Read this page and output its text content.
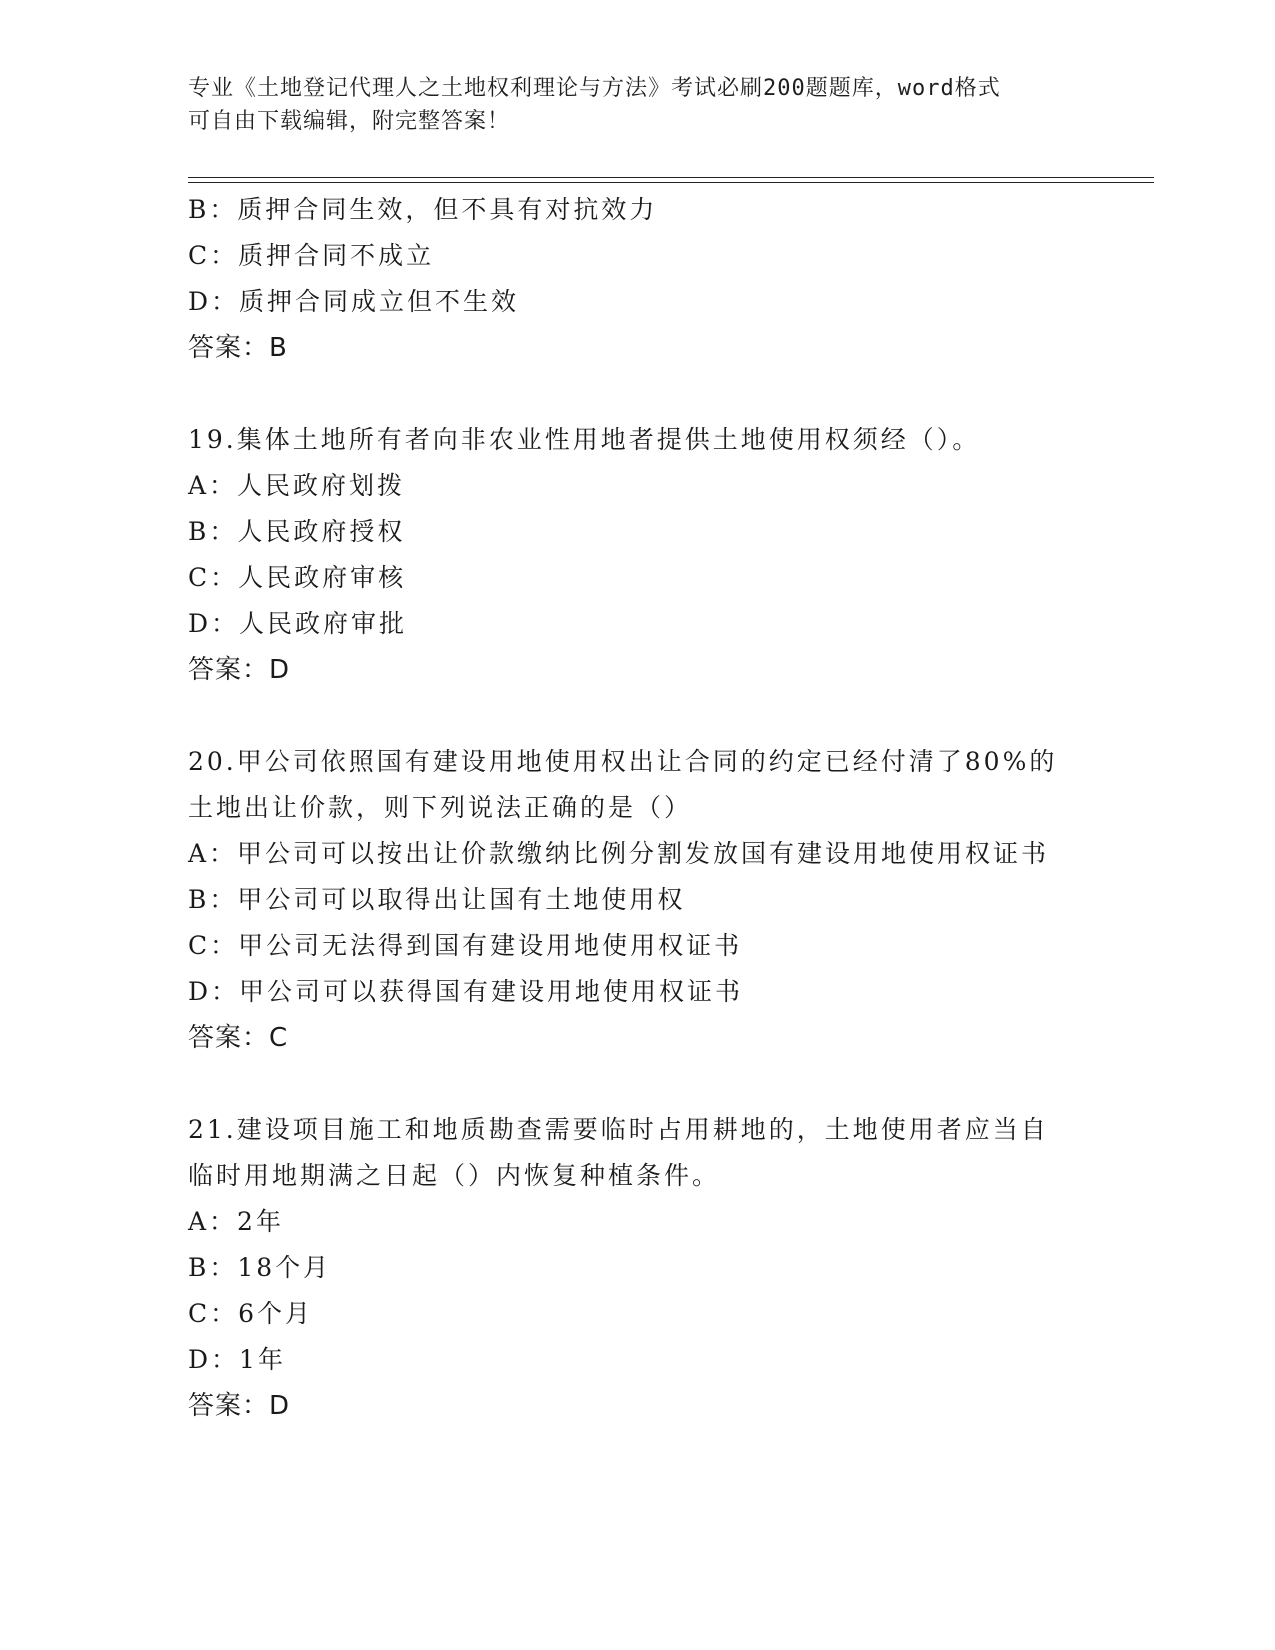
专业《土地登记代理人之土地权利理论与方法》考试必刷200题题库，word格式
可自由下载编辑，附完整答案！
B：质押合同生效，但不具有对抗效力
C：质押合同不成立
D：质押合同成立但不生效
答案：B
19.集体土地所有者向非农业性用地者提供土地使用权须经（）。
A：人民政府划拨
B：人民政府授权
C：人民政府审核
D：人民政府审批
答案：D
20.甲公司依照国有建设用地使用权出让合同的约定已经付清了80%的
土地出让价款，则下列说法正确的是（）
A：甲公司可以按出让价款缴纳比例分割发放国有建设用地使用权证书
B：甲公司可以取得出让国有土地使用权
C：甲公司无法得到国有建设用地使用权证书
D：甲公司可以获得国有建设用地使用权证书
答案：C
21.建设项目施工和地质勘查需要临时占用耕地的，土地使用者应当自
临时用地期满之日起（）内恢复种植条件。
A：2年
B：18个月
C：6个月
D：1年
答案：D
